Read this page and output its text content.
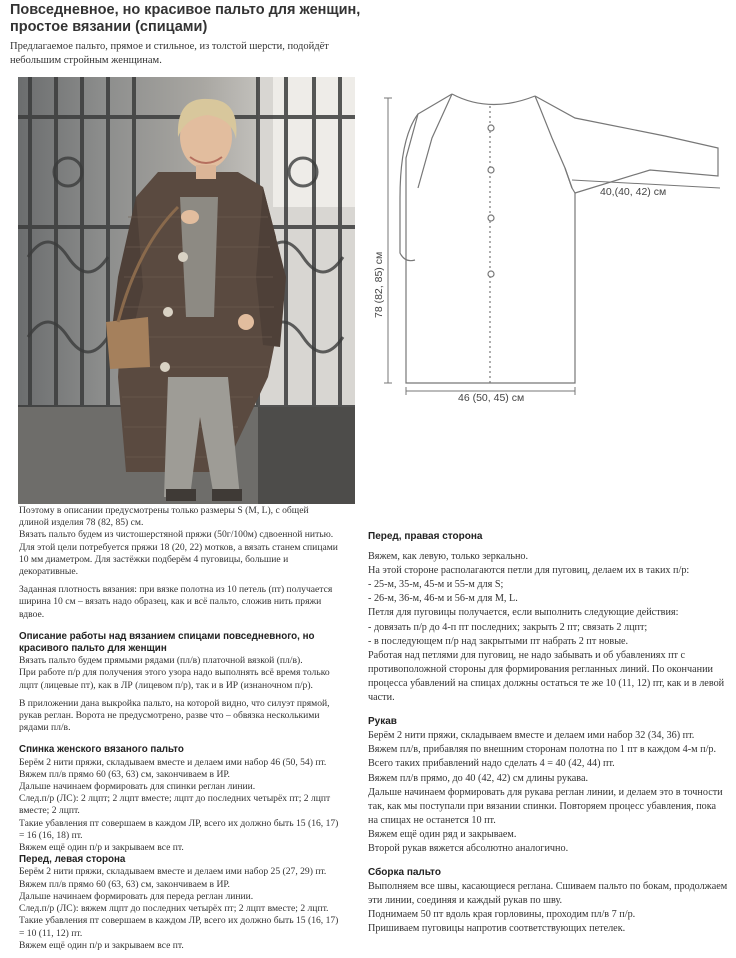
Повседневное, но красивое пальто для женщин, простое вязании (спицами)
Предлагаемое пальто, прямое и стильное, из толстой шерсти, подойдёт небольшим стройным женщинам.
40,(40, 42) см
78 (82, 85) см
46 (50, 45) см

Поэтому в описании предусмотрены только размеры S (M, L), с общей длиной изделия 78 (82, 85) см.

Вязать пальто будем из чистошерстяной пряжи (50г/100м) сдвоенной нитью. Для этой цели потребуется пряжи 18 (20, 22) мотков, а вязать станем спицами 10 мм диаметром. Для застёжки подберём 4 пуговицы, большие и декоративные.

Заданная плотность вязания: при вязке полотна из 10 петель (пт) получается ширина 10 см – вязать надо образец, как и всё пальто, сложив нить пряжи вдвое.

Описание работы над вязанием спицами повседневного, но красивого пальто для женщин

Вязать пальто будем прямыми рядами (пл/в) платочной вязкой (пл/в).

При работе п/р для получения этого узора надо выполнять всё время только лцпт (лицевые пт), как в ЛР (лицевом п/р), так и в ИР (изнаночном п/р).

В приложении дана выкройка пальто, на которой видно, что силуэт прямой, рукав реглан. Ворота не предусмотрено, разве что – обвязка несколькими рядами пл/в.

Спинка женского вязаного пальто

Берём 2 нити пряжи, складываем вместе и делаем ими набор 46 (50, 54) пт.

Вяжем пл/в прямо 60 (63, 63) см, закончиваем в ИР.

Дальше начинаем формировать для спинки реглан линии.

След.п/р (ЛС): 2 лцпт; 2 лцпт вместе; лцпт до последних четырёх пт; 2 лцпт вместе; 2 лцпт.

Такие убавления пт совершаем в каждом ЛР, всего их должно быть 15 (16, 17) = 16 (16, 18) пт.

Вяжем ещё один п/р и закрываем все пт.

Перед, левая сторона

Берём 2 нити пряжи, складываем вместе и делаем ими набор 25 (27, 29) пт.

Вяжем пл/в прямо 60 (63, 63) см, закончиваем в ИР.

Дальше начинаем формировать для переда реглан линии.

След.п/р (ЛС): вяжем лцпт до последних четырёх пт; 2 лцпт вместе; 2 лцпт.

Такие убавления пт совершаем в каждом ЛР, всего их должно быть 15 (16, 17) = 10 (11, 12) пт.

Вяжем ещё один п/р и закрываем все пт.

Перед, правая сторона

Вяжем, как левую, только зеркально.

На этой стороне располагаются петли для пуговиц, делаем их в таких п/р:

- 25-м, 35-м, 45-м и 55-м для S;

- 26-м, 36-м, 46-м и 56-м для M, L.

Петля для пуговицы получается, если выполнить следующие действия:

- довязать п/р до 4-п пт последних; закрыть 2 пт; связать 2 лцпт;

- в последующем п/р над закрытыми пт набрать 2 пт новые.

Работая над петлями для пуговиц, не надо забывать и об убавлениях пт с противоположной стороны для формирования регланных линий. По окончании процесса убавлений на спицах должны остаться те же 10 (11, 12) пт, как и в левой части.

Рукав

Берём 2 нити пряжи, складываем вместе и делаем ими набор 32 (34, 36) пт.

Вяжем пл/в, прибавляя по внешним сторонам полотна по 1 пт в каждом 4-м п/р.

Всего таких прибавлений надо сделать 4 = 40 (42, 44) пт.

Вяжем пл/в прямо, до 40 (42, 42) см длины рукава.

Дальше начинаем формировать для рукава реглан линии, и делаем это в точности так, как мы поступали при вязании спинки. Повторяем процесс убавления, пока на спицах не останется 10 пт.

Вяжем ещё один ряд и закрываем.

Второй рукав вяжется абсолютно аналогично.

Сборка пальто

Выполняем все швы, касающиеся реглана. Сшиваем пальто по бокам, продолжаем эти линии, соединяя и каждый рукав по шву.

Поднимаем 50 пт вдоль края горловины, проходим пл/в 7 п/р.

Пришиваем пуговицы напротив соответствующих петелек.
